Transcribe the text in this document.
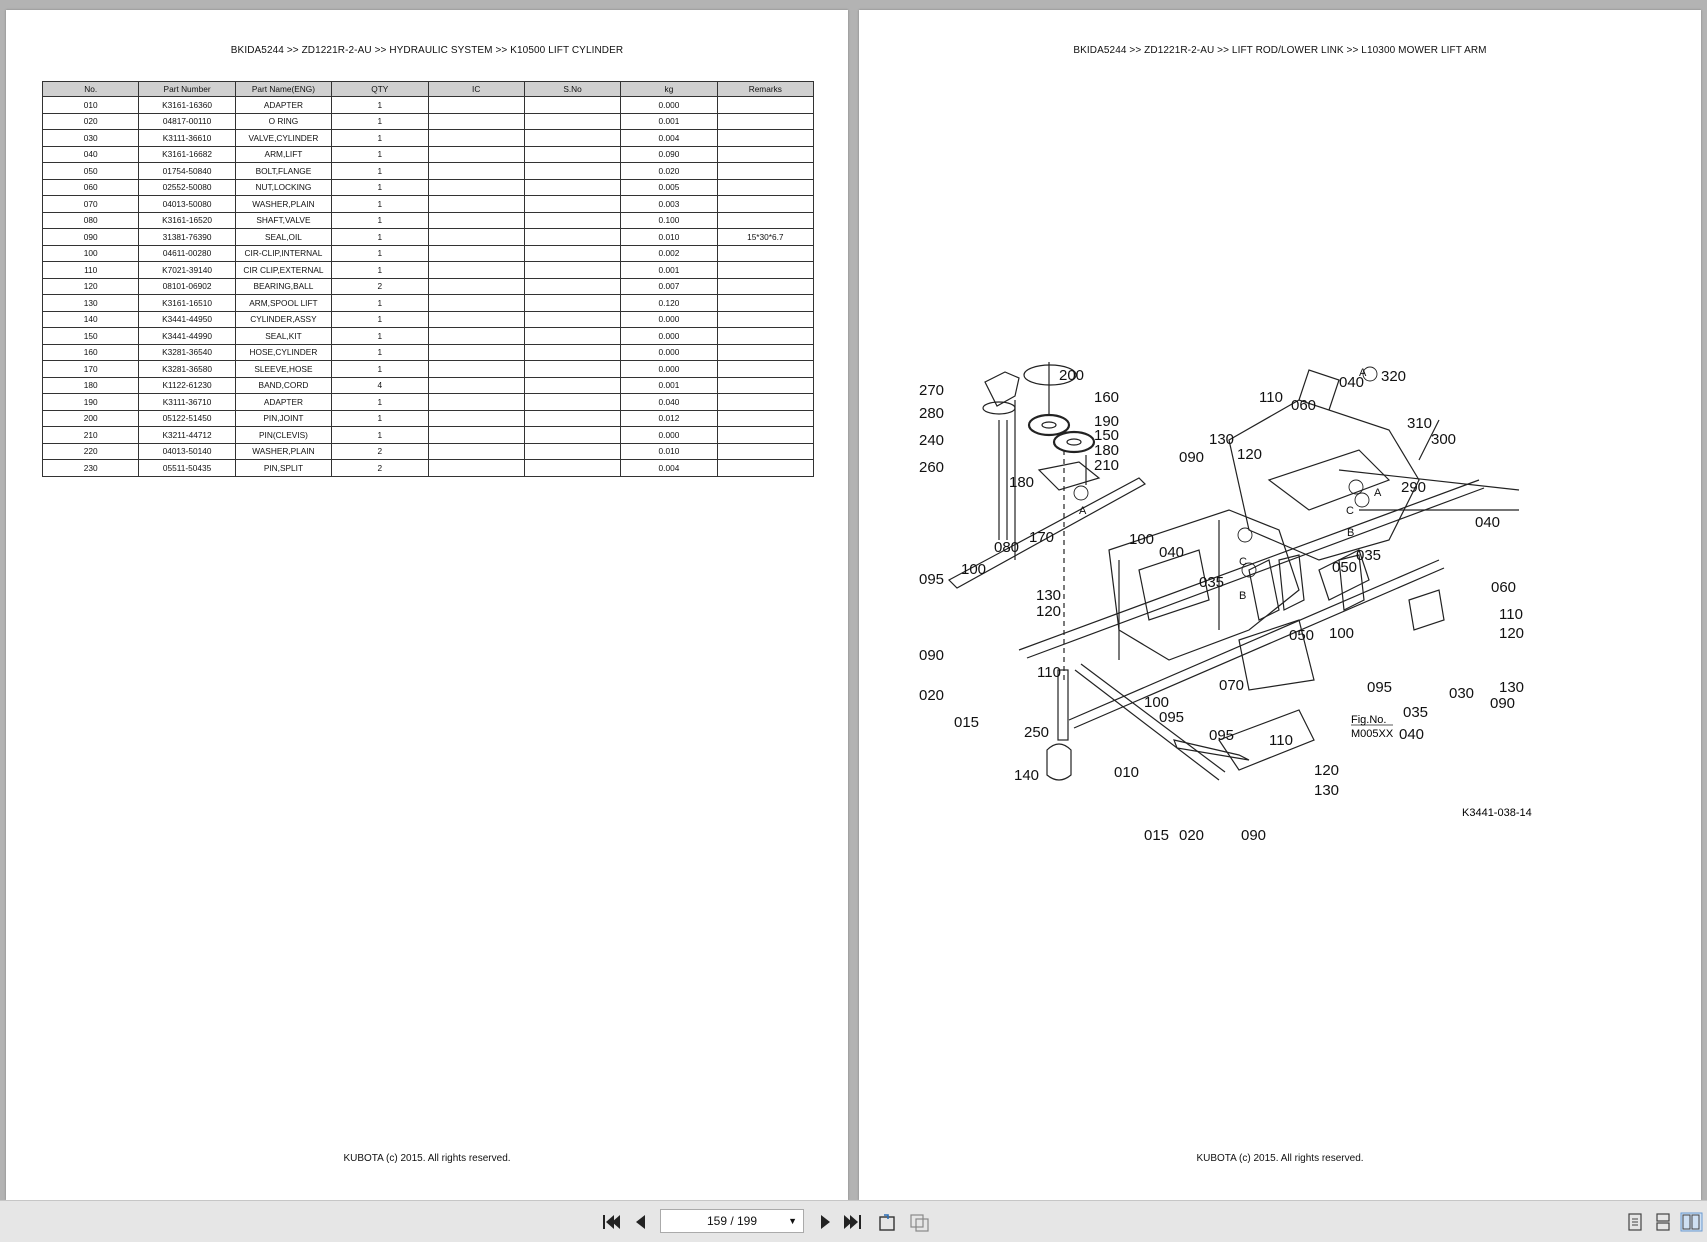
BKIDA5244 >> ZD1221R-2-AU >> HYDRAULIC SYSTEM >> K10500 LIFT CYLINDER
No.	Part Number	Part Name(ENG)	QTY	IC	S.No	kg	Remarks
010	K3161-16360	ADAPTER	1			0.000	
020	04817-00110	O RING	1			0.001	
030	K3111-36610	VALVE,CYLINDER	1			0.004	
040	K3161-16682	ARM,LIFT	1			0.090	
050	01754-50840	BOLT,FLANGE	1			0.020	
060	02552-50080	NUT,LOCKING	1			0.005	
070	04013-50080	WASHER,PLAIN	1			0.003	
080	K3161-16520	SHAFT,VALVE	1			0.100	
090	31381-76390	SEAL,OIL	1			0.010	15*30*6.7
100	04611-00280	CIR-CLIP,INTERNAL	1			0.002	
110	K7021-39140	CIR CLIP,EXTERNAL	1			0.001	
120	08101-06902	BEARING,BALL	2			0.007	
130	K3161-16510	ARM,SPOOL LIFT	1			0.120	
140	K3441-44950	CYLINDER,ASSY	1			0.000	
150	K3441-44990	SEAL,KIT	1			0.000	
160	K3281-36540	HOSE,CYLINDER	1			0.000	
170	K3281-36580	SLEEVE,HOSE	1			0.000	
180	K1122-61230	BAND,CORD	4			0.001	
190	K3111-36710	ADAPTER	1			0.040	
200	05122-51450	PIN,JOINT	1			0.012	
210	K3211-44712	PIN(CLEVIS)	1			0.000	
220	04013-50140	WASHER,PLAIN	2			0.010	
230	05511-50435	PIN,SPLIT	2			0.004	
KUBOTA (c) 2015. All rights reserved.
BKIDA5244 >> ZD1221R-2-AU >> LIFT ROD/LOWER LINK >> L10300 MOWER LIFT ARM
270
280
240
260
200
160
190
150
180
210
180
170
080
095
100
130
120
090
020
015
110
250
140	010
095
090
100
040
035
B
C
A
050 100
070
100
095 110
120
130
015 020 090
110 060
040 320
A
310
300
130
120
290
C
B
040
035
050
060
110
120
095
035
030
090
130
040
A
Fig.No.
M005XX
K3441-038-14
KUBOTA (c) 2015. All rights reserved.
159 / 199	▼
